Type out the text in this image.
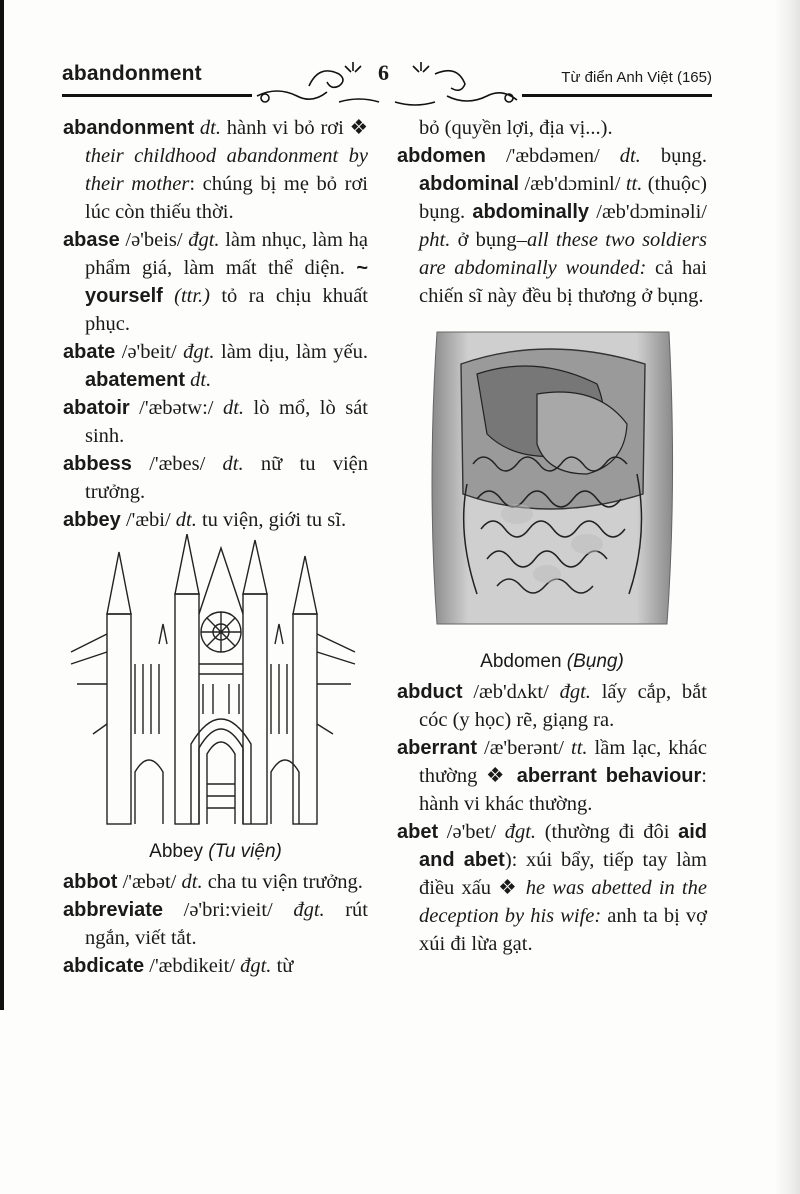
abandonment	6	Từ điển Anh Việt (165)
abandonment dt. hành vi bỏ rơi ❖ their childhood abandonment by their mother: chúng bị mẹ bỏ rơi lúc còn thiếu thời.
abase /ə'beis/ đgt. làm nhục, làm hạ phẩm giá, làm mất thể diện. ~ yourself (ttr.) tỏ ra chịu khuất phục.
abate /ə'beit/ đgt. làm dịu, làm yếu. abatement dt.
abatoir /'æbətw:/ dt. lò mổ, lò sát sinh.
abbess /'æbes/ dt. nữ tu viện trưởng.
abbey /'æbi/ dt. tu viện, giới tu sĩ.
Abbey (Tu viện)
abbot /'æbət/ dt. cha tu viện trưởng.
abbreviate /ə'bri:vieit/ đgt. rút ngắn, viết tắt.
abdicate /'æbdikeit/ đgt. từ
bỏ (quyền lợi, địa vị...).
abdomen /'æbdəmen/ dt. bụng. abdominal /æb'dɔminl/ tt. (thuộc) bụng. abdominally /æb'dɔminəli/ pht. ở bụng–all these two soldiers are abdominally wounded: cả hai chiến sĩ này đều bị thương ở bụng.
Abdomen (Bụng)
abduct /æb'dʌkt/ đgt. lấy cắp, bắt cóc (y học) rẽ, giạng ra.
aberrant /æ'berənt/ tt. lầm lạc, khác thường ❖ aberrant behaviour: hành vi khác thường.
abet /ə'bet/ đgt. (thường đi đôi aid and abet): xúi bẩy, tiếp tay làm điều xấu ❖ he was abetted in the deception by his wife: anh ta bị vợ xúi đi lừa gạt.
